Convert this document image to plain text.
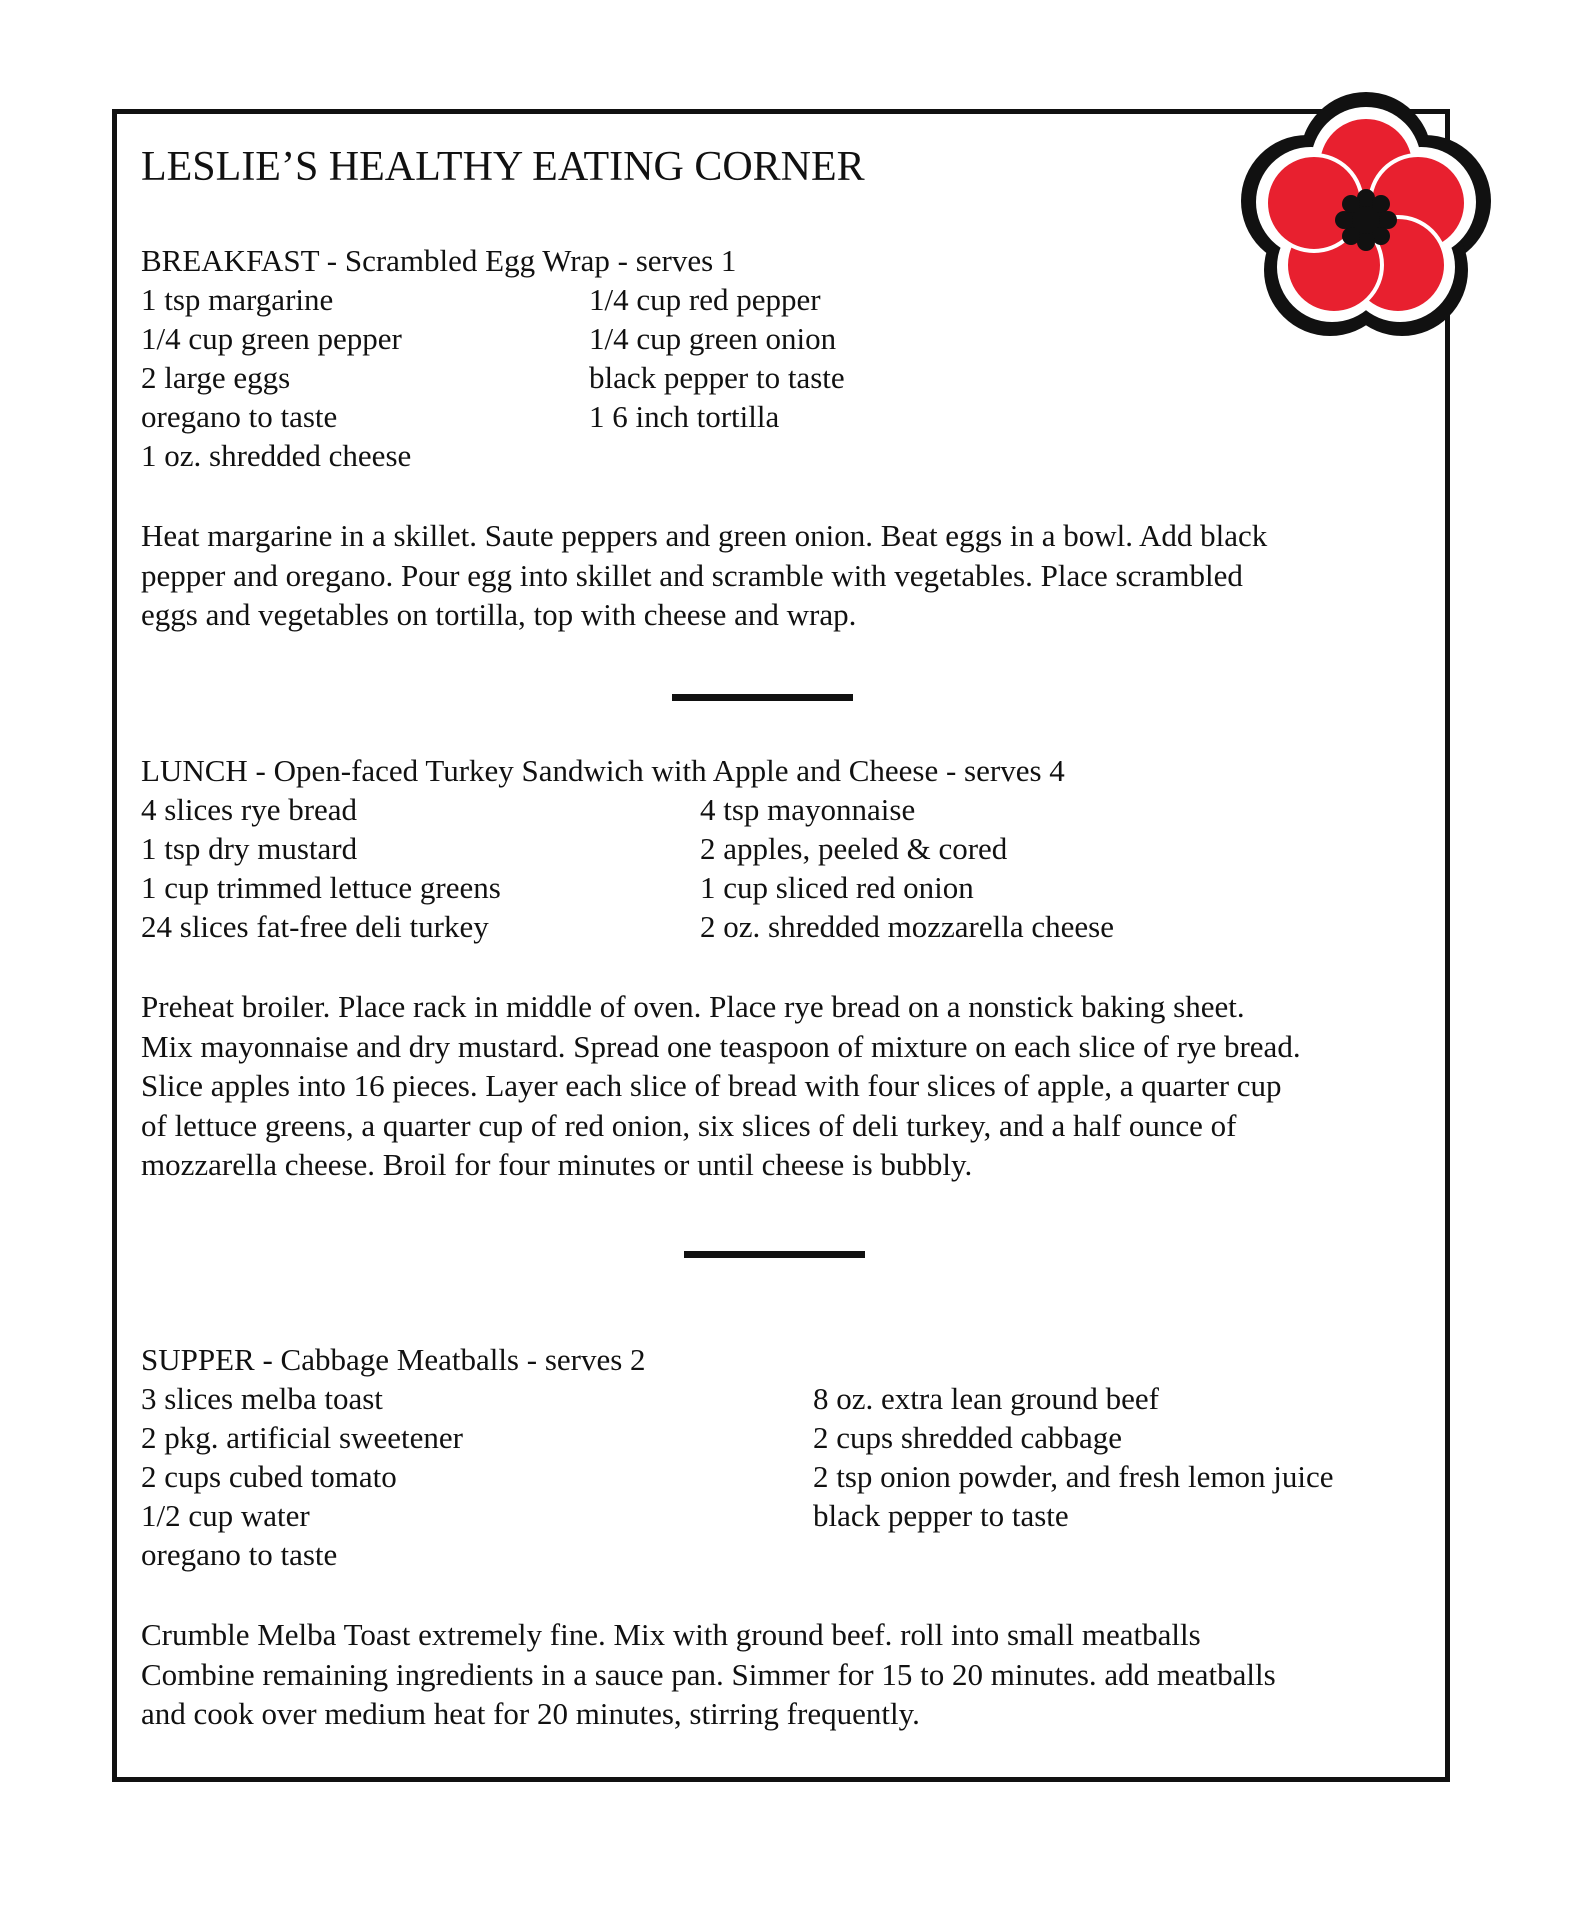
LESLIE’S HEALTHY EATING CORNER
BREAKFAST - Scrambled Egg Wrap - serves 1
1 tsp margarine
1/4 cup green pepper
2 large eggs
oregano to taste
1 oz. shredded cheese
1/4 cup red pepper
1/4 cup green onion
black pepper to taste
1 6 inch tortilla
Heat margarine in a skillet. Saute peppers and green onion. Beat eggs in a bowl. Add black
pepper and oregano. Pour egg into skillet and scramble with vegetables. Place scrambled
eggs and vegetables on tortilla, top with cheese and wrap.
LUNCH - Open-faced Turkey Sandwich with Apple and Cheese - serves 4
4 slices rye bread
1 tsp dry mustard
1 cup trimmed lettuce greens
24 slices fat-free deli turkey
4 tsp mayonnaise
2 apples, peeled & cored
1 cup sliced red onion
2 oz. shredded mozzarella cheese
Preheat broiler. Place rack in middle of oven. Place rye bread on a nonstick baking sheet.
Mix mayonnaise and dry mustard. Spread one teaspoon of mixture on each slice of rye bread.
Slice apples into 16 pieces. Layer each slice of bread with four slices of apple, a quarter cup
of lettuce greens, a quarter cup of red onion, six slices of deli turkey, and a half ounce of
mozzarella cheese. Broil for four minutes or until cheese is bubbly.
SUPPER - Cabbage Meatballs - serves 2
3 slices melba toast
2 pkg. artificial sweetener
2 cups cubed tomato
1/2 cup water
oregano to taste
8 oz. extra lean ground beef
2 cups shredded cabbage
2 tsp onion powder, and fresh lemon juice
black pepper to taste
Crumble Melba Toast extremely fine. Mix with ground beef. roll into small meatballs
Combine remaining ingredients in a sauce pan. Simmer for 15 to 20 minutes. add meatballs
and cook over medium heat for 20 minutes, stirring frequently.
